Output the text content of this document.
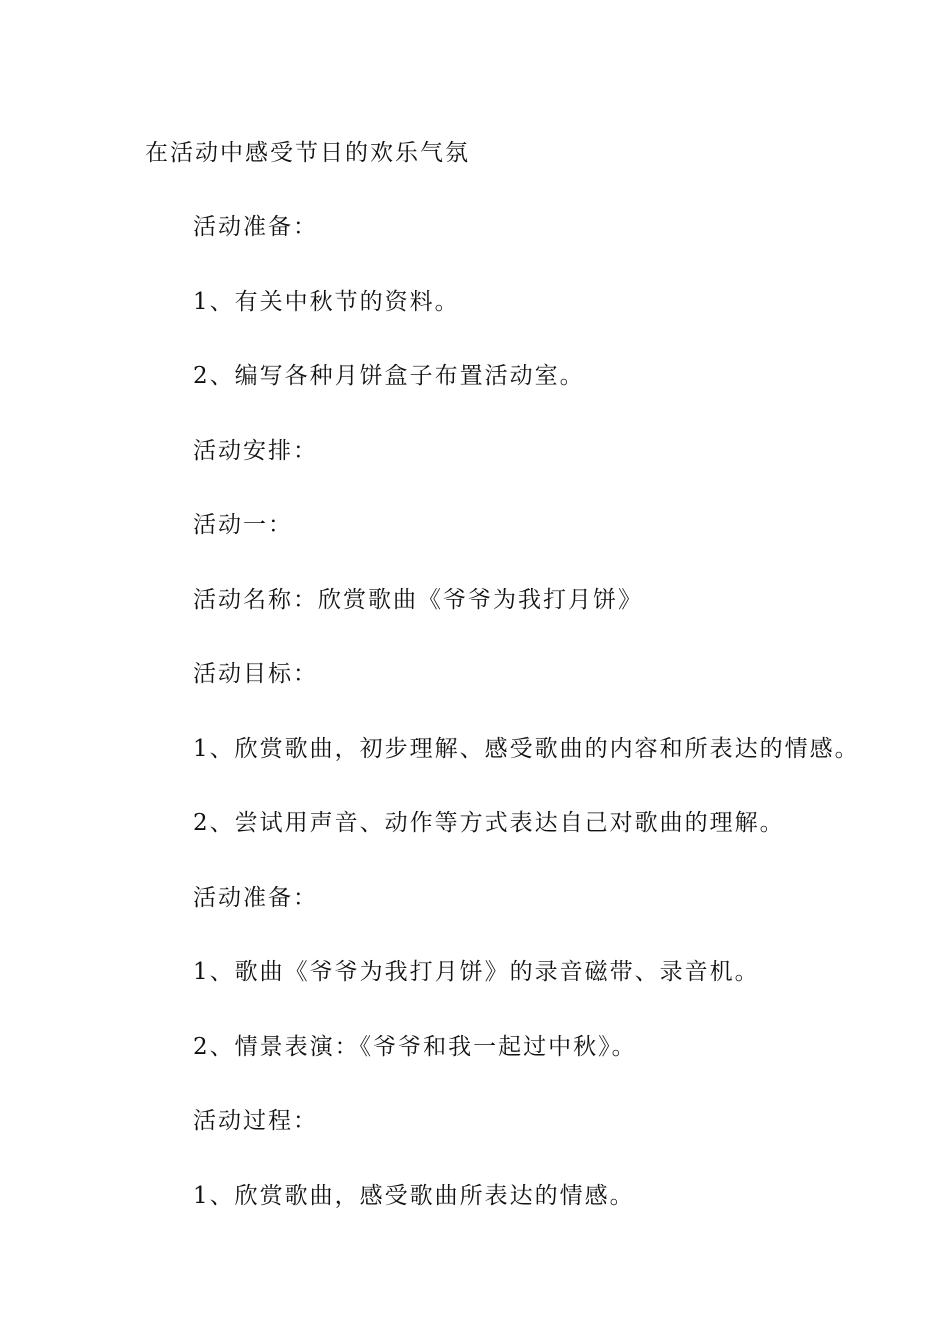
在活动中感受节日的欢乐气氛
活动准备：
1、有关中秋节的资料。
2、编写各种月饼盒子布置活动室。
活动安排：
活动一：
活动名称：欣赏歌曲《爷爷为我打月饼》
活动目标：
1、欣赏歌曲，初步理解、感受歌曲的内容和所表达的情感。
2、尝试用声音、动作等方式表达自己对歌曲的理解。
活动准备：
1、歌曲《爷爷为我打月饼》的录音磁带、录音机。
2、情景表演：《爷爷和我一起过中秋》。
活动过程：
1、欣赏歌曲，感受歌曲所表达的情感。
